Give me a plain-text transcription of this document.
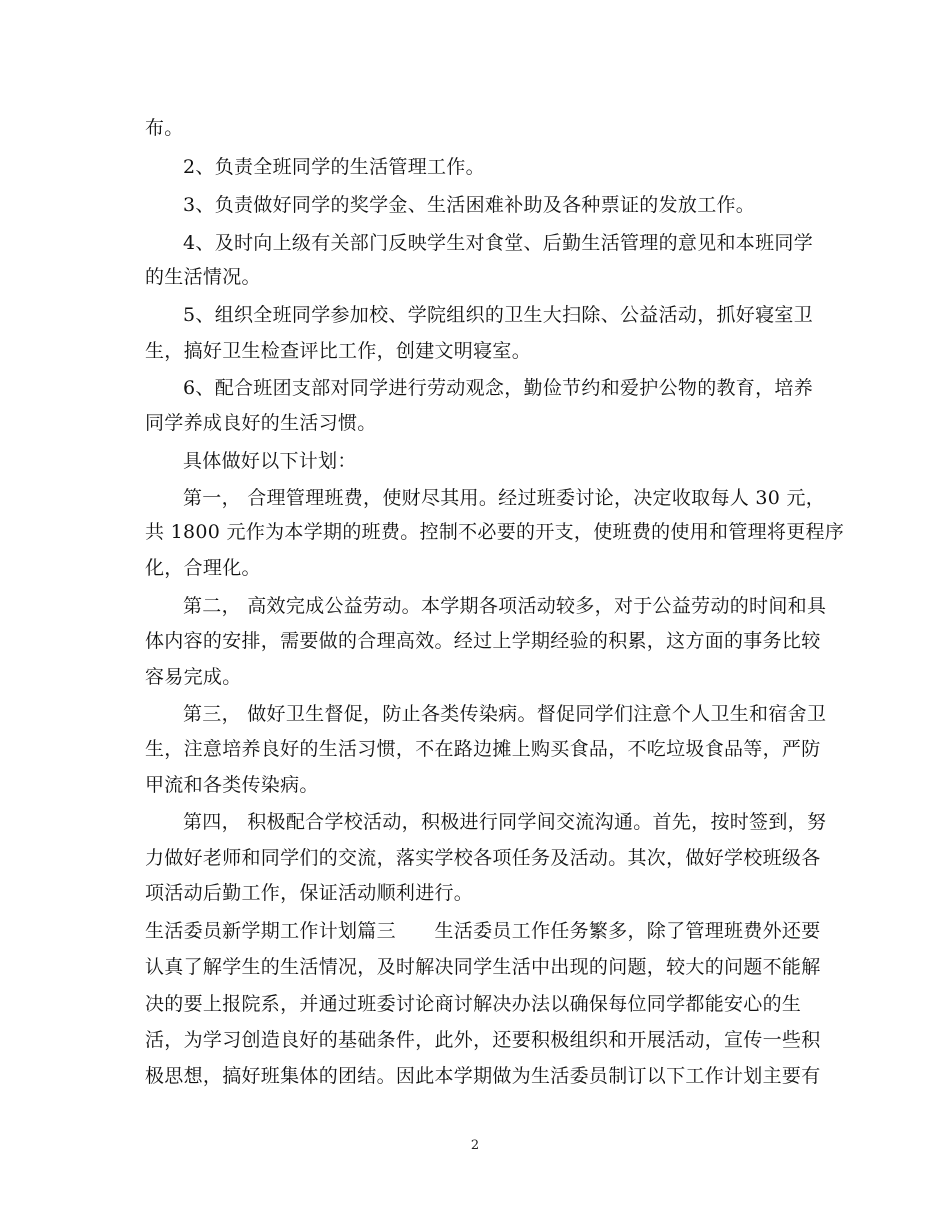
布。
2、负责全班同学的生活管理工作。
3、负责做好同学的奖学金、生活困难补助及各种票证的发放工作。
4、及时向上级有关部门反映学生对食堂、后勤生活管理的意见和本班同学
的生活情况。
5、组织全班同学参加校、学院组织的卫生大扫除、公益活动，抓好寝室卫
生，搞好卫生检查评比工作，创建文明寝室。
6、配合班团支部对同学进行劳动观念，勤俭节约和爱护公物的教育，培养
同学养成良好的生活习惯。
具体做好以下计划：
第一， 合理管理班费，使财尽其用。经过班委讨论，决定收取每人 30 元，
共 1800 元作为本学期的班费。控制不必要的开支，使班费的使用和管理将更程序
化，合理化。
第二， 高效完成公益劳动。本学期各项活动较多，对于公益劳动的时间和具
体内容的安排，需要做的合理高效。经过上学期经验的积累，这方面的事务比较
容易完成。
第三， 做好卫生督促，防止各类传染病。督促同学们注意个人卫生和宿舍卫
生，注意培养良好的生活习惯，不在路边摊上购买食品，不吃垃圾食品等，严防
甲流和各类传染病。
第四， 积极配合学校活动，积极进行同学间交流沟通。首先，按时签到，努
力做好老师和同学们的交流，落实学校各项任务及活动。其次，做好学校班级各
项活动后勤工作，保证活动顺利进行。
生活委员新学期工作计划篇三　　生活委员工作任务繁多，除了管理班费外还要
认真了解学生的生活情况，及时解决同学生活中出现的问题，较大的问题不能解
决的要上报院系，并通过班委讨论商讨解决办法以确保每位同学都能安心的生
活，为学习创造良好的基础条件，此外，还要积极组织和开展活动，宣传一些积
极思想，搞好班集体的团结。因此本学期做为生活委员制订以下工作计划主要有
2
